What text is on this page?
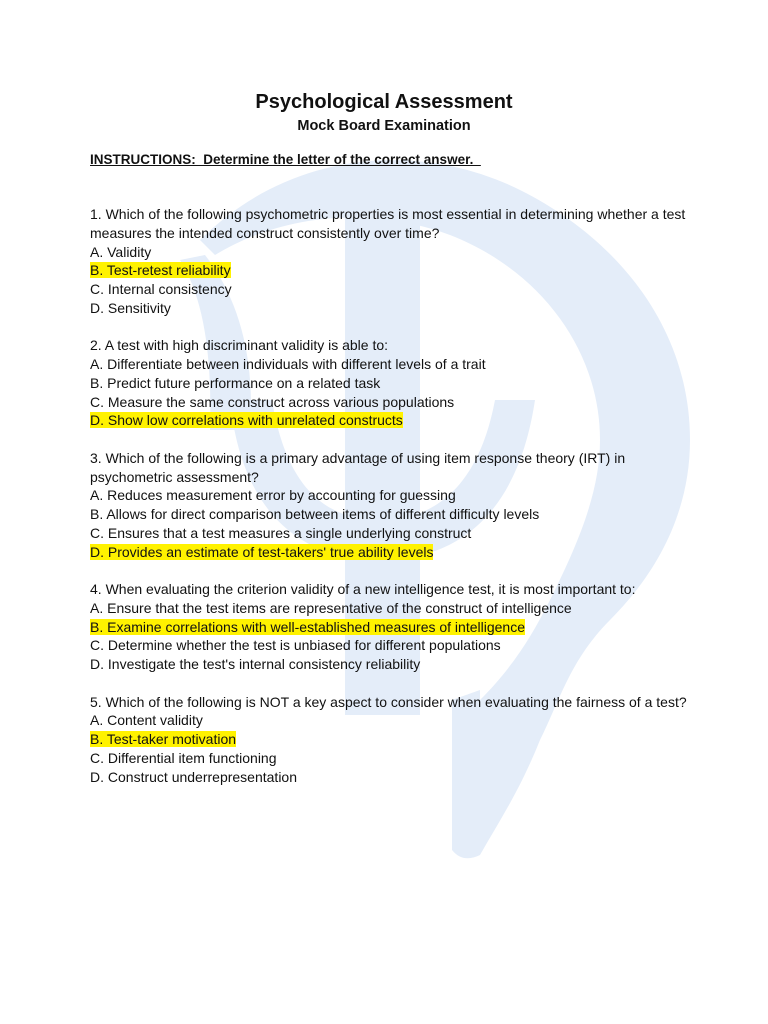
Psychological Assessment
Mock Board Examination
INSTRUCTIONS:  Determine the letter of the correct answer.
1. Which of the following psychometric properties is most essential in determining whether a test measures the intended construct consistently over time?
A. Validity
B. Test-retest reliability
C. Internal consistency
D. Sensitivity
2. A test with high discriminant validity is able to:
A. Differentiate between individuals with different levels of a trait
B. Predict future performance on a related task
C. Measure the same construct across various populations
D. Show low correlations with unrelated constructs
3. Which of the following is a primary advantage of using item response theory (IRT) in psychometric assessment?
A. Reduces measurement error by accounting for guessing
B. Allows for direct comparison between items of different difficulty levels
C. Ensures that a test measures a single underlying construct
D. Provides an estimate of test-takers' true ability levels
4. When evaluating the criterion validity of a new intelligence test, it is most important to:
A. Ensure that the test items are representative of the construct of intelligence
B. Examine correlations with well-established measures of intelligence
C. Determine whether the test is unbiased for different populations
D. Investigate the test's internal consistency reliability
5. Which of the following is NOT a key aspect to consider when evaluating the fairness of a test?
A. Content validity
B. Test-taker motivation
C. Differential item functioning
D. Construct underrepresentation
